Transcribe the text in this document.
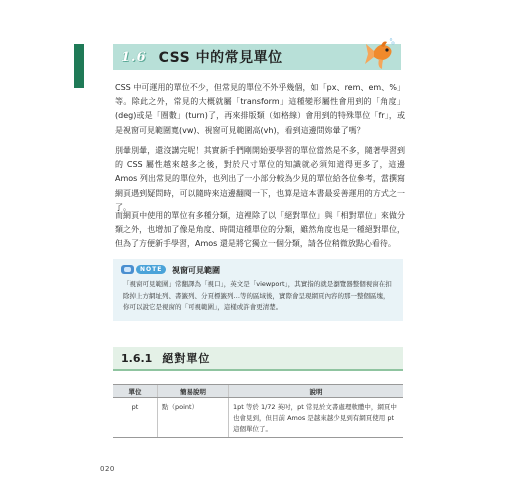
1.6 CSS 中的常見單位

CSS 中可運用的單位不少，但常見的單位不外乎幾個，如「px、rem、em、%」等。除此之外，常見的大概就屬「transform」這種變形屬性會用到的「角度」(deg)或是「圈數」(turn)了，再來排版類（如格線）會用到的特殊單位「fr」，或是視窗可見範圍寬(vw)、視窗可見範圍高(vh)，看到這邊問妳暈了嗎？

別暈別暈，還沒講完呢！其實新手們剛開始要學習的單位當然是不多，隨著學習到的 CSS 屬性越來越多之後，對於尺寸單位的知識就必須知道得更多了，這邊 Amos 列出常見的單位外，也列出了一小部分較為少見的單位給各位參考，當撰寫網頁遇到疑問時，可以隨時來這邊翻閱一下，也算是這本書最妥善運用的方式之一了。

而網頁中使用的單位有多種分類，這裡除了以「絕對單位」與「相對單位」來做分類之外，也增加了像是角度、時間這種單位的分類，雖然角度也是一種絕對單位，但為了方便新手學習，Amos 還是將它獨立一個分類，請各位稍微放點心看待。

NOTE	視窗可見範圍

「視窗可見範圍」常翻譯為「視口」，英文是「viewport」，其實指的就是瀏覽器整個視窗在扣除掉上方網址列、書籤列、分頁標籤列…等的區域後，實際會呈現網頁內容的那一整個區塊，你可以說它是視窗的「可視範圍」，這樣或許會更清楚。

1.6.1 絕對單位
單位	簡易說明	說明
pt	點（point）	1pt 等於 1/72 英吋，pt 常見於文書處理軟體中，網頁中也會見到，但目前 Amos 是越來越少見到有網頁使用 pt 這個單位了。
020
